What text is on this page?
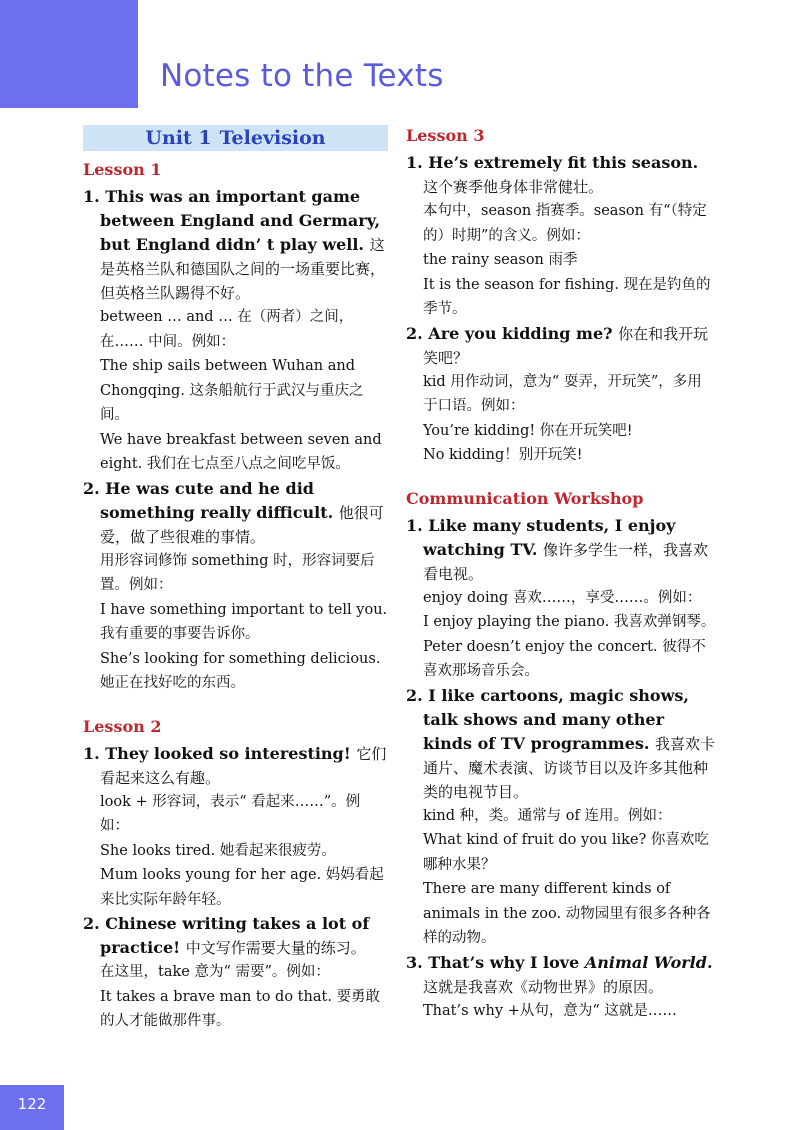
Notes to the Texts
Unit 1 Television
Lesson 1

1. This was an important game between England and Germary, but England didn’ t play well. 这是英格兰队和德国队之间的一场重要比赛，但英格兰队踢得不好。

between … and … 在（两者）之间，在…… 中间。例如：

The ship sails between Wuhan and Chongqing. 这条船航行于武汉与重庆之间。

We have breakfast between seven and eight. 我们在七点至八点之间吃早饭。

2. He was cute and he did something really difficult. 他很可爱，做了些很难的事情。

用形容词修饰 something 时，形容词要后置。例如：

I have something important to tell you.

我有重要的事要告诉你。

She’s looking for something delicious.

她正在找好吃的东西。

Lesson 2

1. They looked so interesting! 它们看起来这么有趣。

look + 形容词，表示“ 看起来……”。例如：

She looks tired. 她看起来很疲劳。

Mum looks young for her age. 妈妈看起来比实际年龄年轻。

2. Chinese writing takes a lot of practice! 中文写作需要大量的练习。

在这里，take 意为“ 需要”。例如：

It takes a brave man to do that. 要勇敢的人才能做那件事。

Lesson 3

1. He’s extremely fit this season. 这个赛季他身体非常健壮。

本句中，season 指赛季。season 有“（特定的）时期”的含义。例如：

the rainy season 雨季

It is the season for fishing. 现在是钓鱼的季节。

2. Are you kidding me? 你在和我开玩笑吧？

kid 用作动词，意为“ 耍弄，开玩笑”，多用于口语。例如：

You’re kidding! 你在开玩笑吧!

No kidding！别开玩笑!

Communication Workshop

1. Like many students, I enjoy watching TV. 像许多学生一样，我喜欢看电视。

enjoy doing 喜欢……，享受……。例如：

I enjoy playing the piano. 我喜欢弹钢琴。

Peter doesn’t enjoy the concert. 彼得不喜欢那场音乐会。

2. I like cartoons, magic shows, talk shows and many other kinds of TV programmes. 我喜欢卡通片、魔术表演、访谈节目以及许多其他种类的电视节目。

kind 种，类。通常与 of 连用。例如：

What kind of fruit do you like? 你喜欢吃哪种水果？

There are many different kinds of animals in the zoo. 动物园里有很多各种各样的动物。

3. That’s why I love Animal World. 这就是我喜欢《动物世界》的原因。

That’s why +从句，意为“ 这就是……

122
